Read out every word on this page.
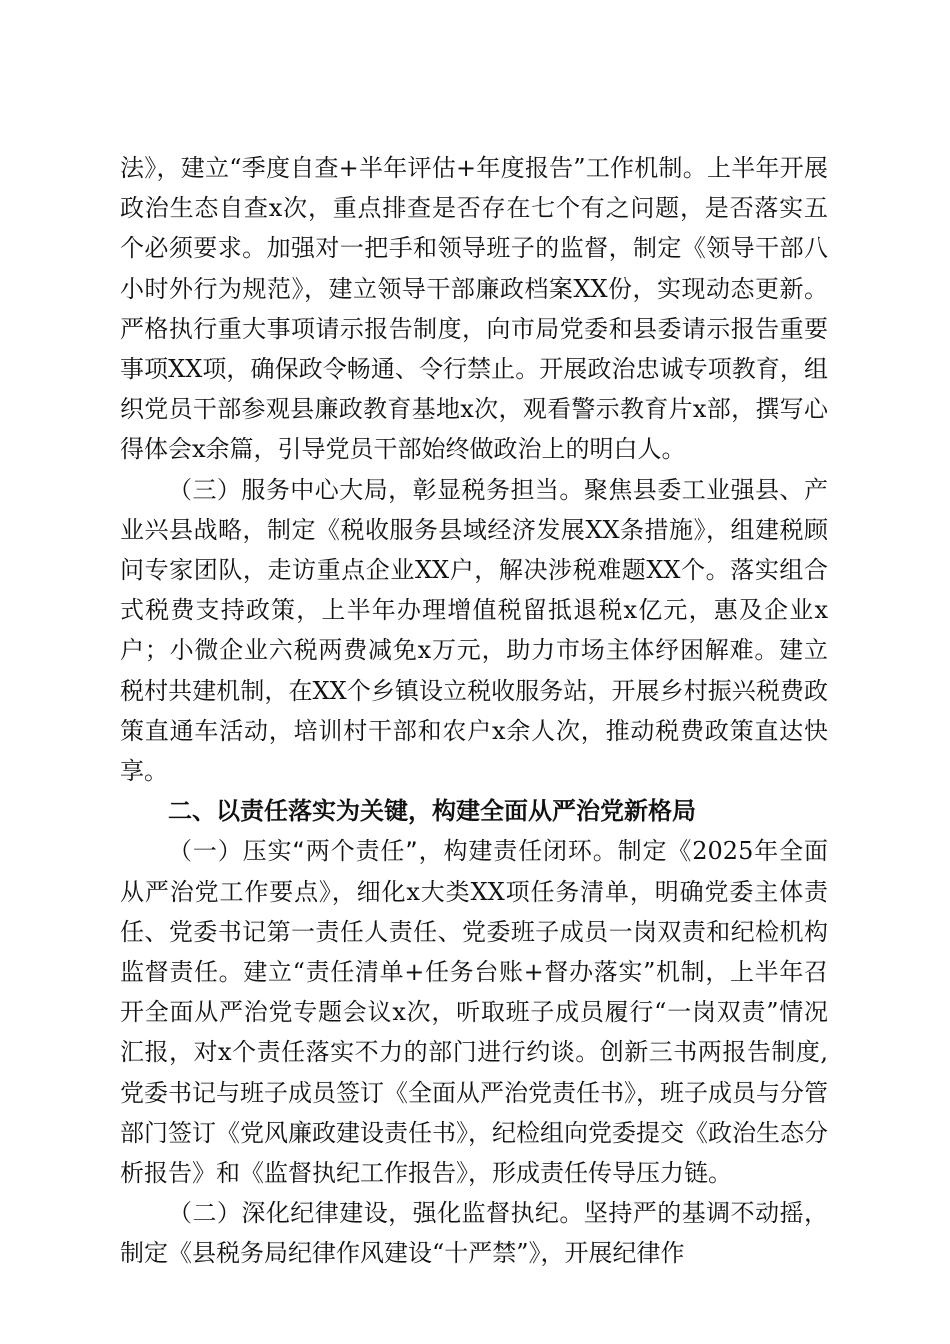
法》，建立“季度自查+半年评估+年度报告”工作机制。上半年开展政治生态自查x次，重点排查是否存在七个有之问题，是否落实五个必须要求。加强对一把手和领导班子的监督，制定《领导干部八小时外行为规范》，建立领导干部廉政档案XX份，实现动态更新。严格执行重大事项请示报告制度，向市局党委和县委请示报告重要事项XX项，确保政令畅通、令行禁止。开展政治忠诚专项教育，组织党员干部参观县廉政教育基地x次，观看警示教育片x部，撰写心得体会x余篇，引导党员干部始终做政治上的明白人。

（三）服务中心大局，彰显税务担当。聚焦县委工业强县、产业兴县战略，制定《税收服务县域经济发展XX条措施》，组建税顾问专家团队，走访重点企业XX户，解决涉税难题XX个。落实组合式税费支持政策，上半年办理增值税留抵退税x亿元，惠及企业x户；小微企业六税两费减免x万元，助力市场主体纾困解难。建立税村共建机制，在XX个乡镇设立税收服务站，开展乡村振兴税费政策直通车活动，培训村干部和农户x余人次，推动税费政策直达快享。

二、以责任落实为关键，构建全面从严治党新格局

（一）压实“两个责任”，构建责任闭环。制定《2025年全面从严治党工作要点》，细化x大类XX项任务清单，明确党委主体责任、党委书记第一责任人责任、党委班子成员一岗双责和纪检机构监督责任。建立“责任清单+任务台账+督办落实”机制，上半年召开全面从严治党专题会议x次，听取班子成员履行“一岗双责”情况汇报，对x个责任落实不力的部门进行约谈。创新三书两报告制度,党委书记与班子成员签订《全面从严治党责任书》，班子成员与分管部门签订《党风廉政建设责任书》，纪检组向党委提交《政治生态分析报告》和《监督执纪工作报告》，形成责任传导压力链。

（二）深化纪律建设，强化监督执纪。坚持严的基调不动摇，制定《县税务局纪律作风建设“十严禁”》，开展纪律作
